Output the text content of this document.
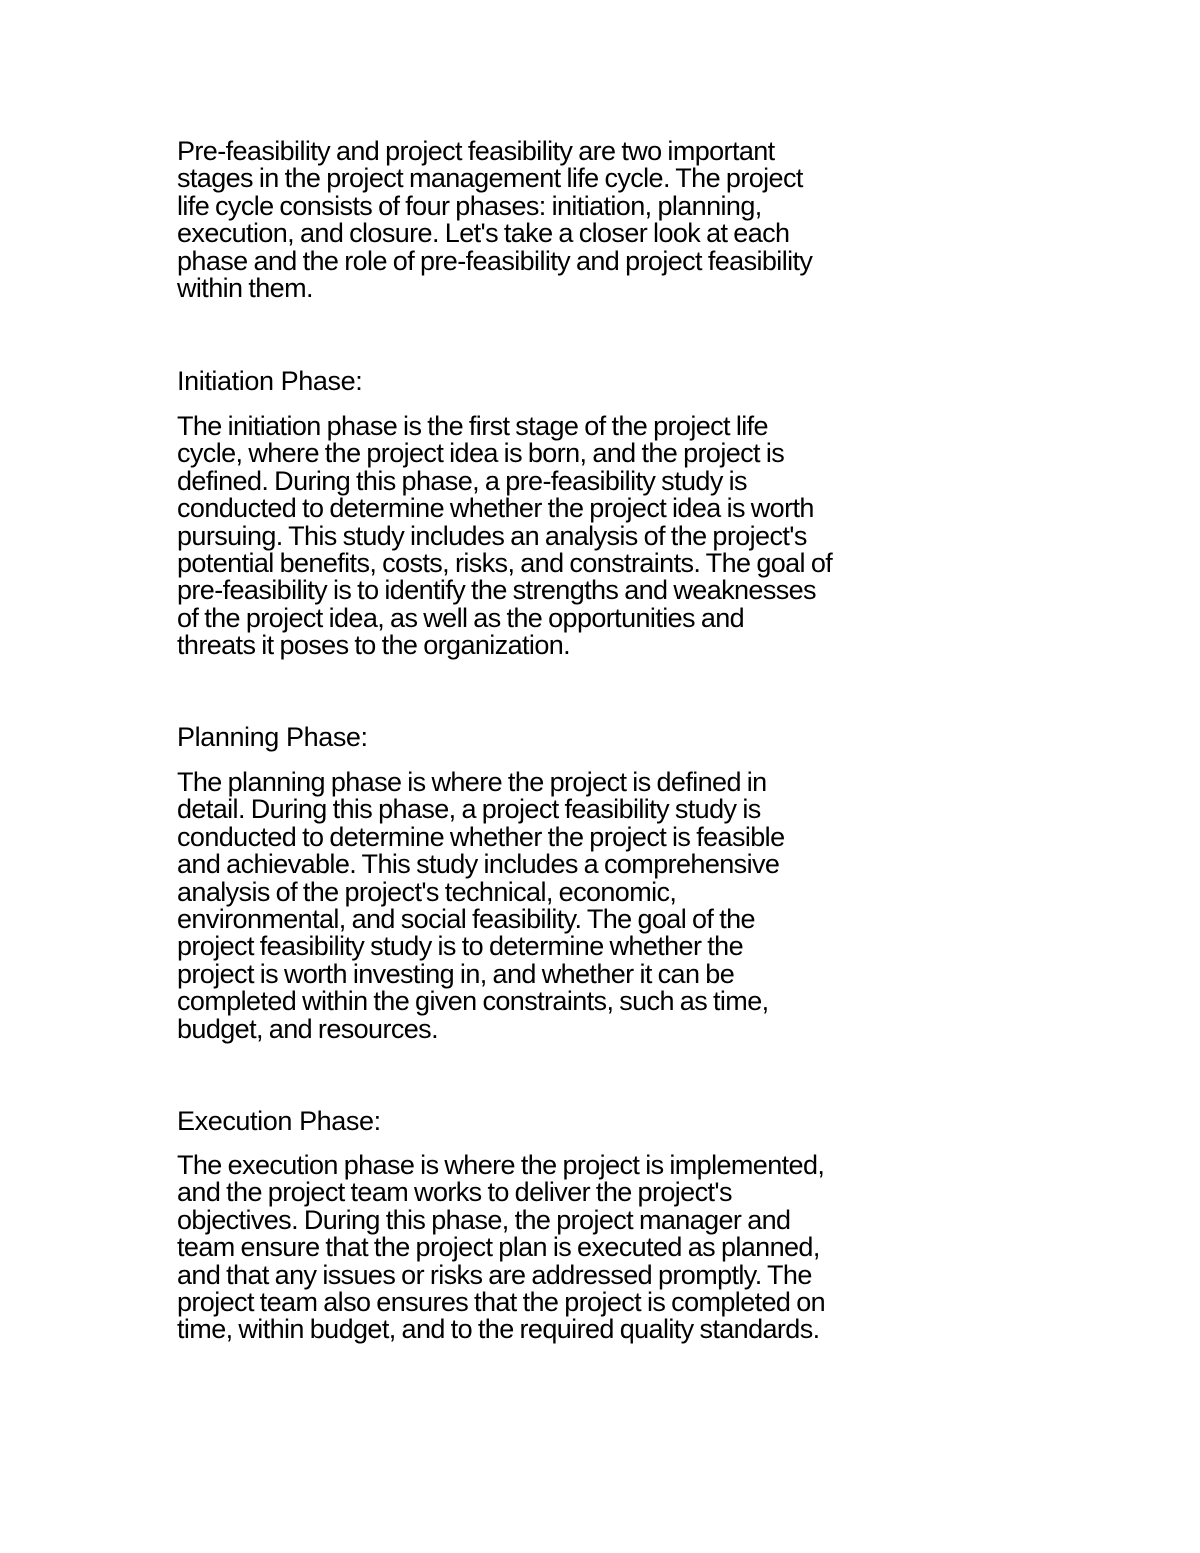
Pre-feasibility and project feasibility are two important
stages in the project management life cycle. The project
life cycle consists of four phases: initiation, planning,
execution, and closure. Let's take a closer look at each
phase and the role of pre-feasibility and project feasibility
within them.
Initiation Phase:
The initiation phase is the first stage of the project life
cycle, where the project idea is born, and the project is
defined. During this phase, a pre-feasibility study is
conducted to determine whether the project idea is worth
pursuing. This study includes an analysis of the project's
potential benefits, costs, risks, and constraints. The goal of
pre-feasibility is to identify the strengths and weaknesses
of the project idea, as well as the opportunities and
threats it poses to the organization.
Planning Phase:
The planning phase is where the project is defined in
detail. During this phase, a project feasibility study is
conducted to determine whether the project is feasible
and achievable. This study includes a comprehensive
analysis of the project's technical, economic,
environmental, and social feasibility. The goal of the
project feasibility study is to determine whether the
project is worth investing in, and whether it can be
completed within the given constraints, such as time,
budget, and resources.
Execution Phase:
The execution phase is where the project is implemented,
and the project team works to deliver the project's
objectives. During this phase, the project manager and
team ensure that the project plan is executed as planned,
and that any issues or risks are addressed promptly. The
project team also ensures that the project is completed on
time, within budget, and to the required quality standards.
